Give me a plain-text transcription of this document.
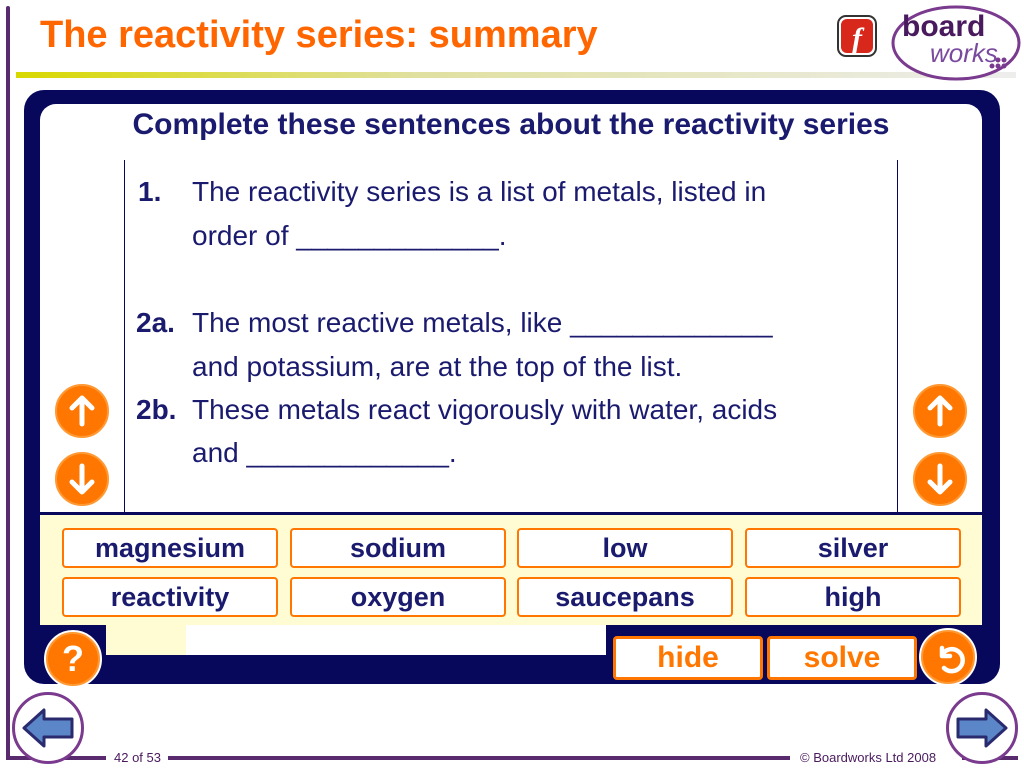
The reactivity series: summary	f board
works
Complete these sentences about the reactivity series
1. The reactivity series is a list of metals, listed in
order of _____________.
2a. The most reactive metals, like _____________
and potassium, are at the top of the list.
2b. These metals react vigorously with water, acids
and _____________.
magnesium	sodium	low	silver
reactivity	oxygen	saucepans	high
?	hide	solve
42 of 53	© Boardworks Ltd 2008
